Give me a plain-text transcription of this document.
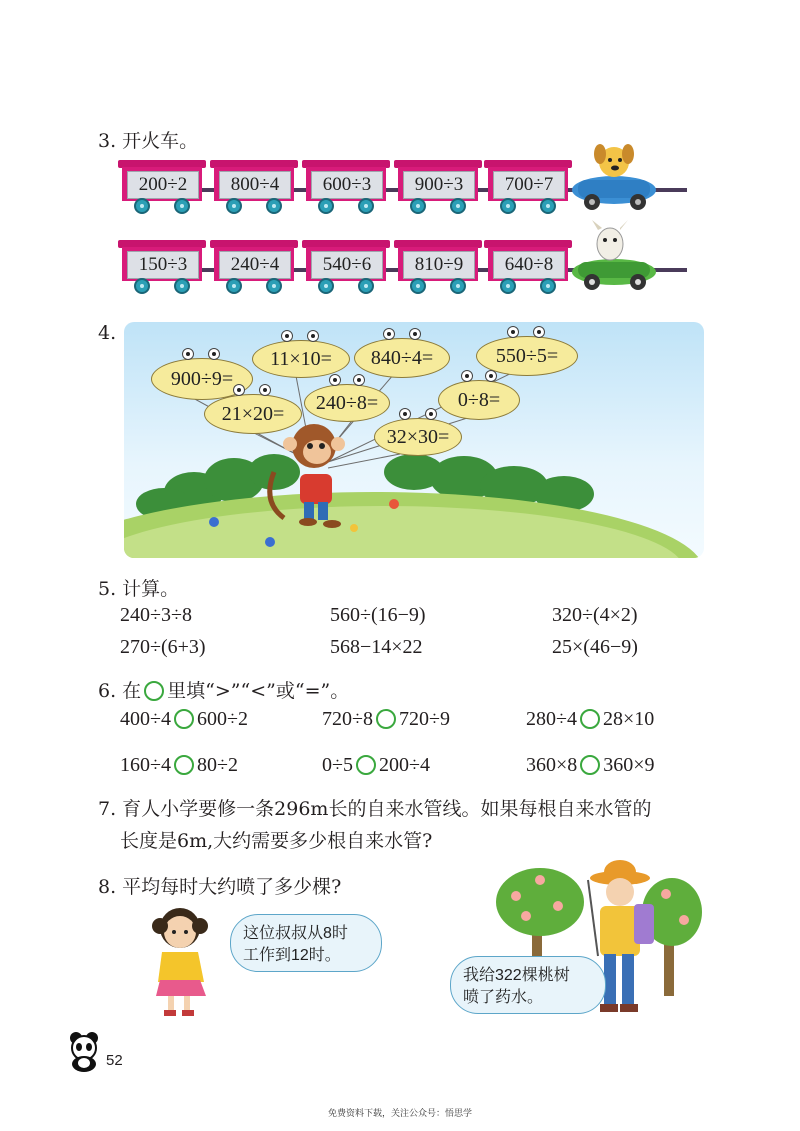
3. 开火车。
200÷2	800÷4	600÷3	900÷3	700÷7
150÷3	240÷4	540÷6	810÷9	640÷8
4.
900÷9=
11×10= 840÷4=	550÷5=
21×20= 240÷8=	0÷8=
32×30=
5. 计算。
240÷3÷8	560÷(16−9)	320÷(4×2)
270÷(6+3)	568−14×22	25×(46−9)
6. 在 里填“>”“<”或“=”。
400÷4 600÷2	720÷8 720÷9	280÷4 28×10
160÷4 80÷2	0÷5 200÷4	360×8 360×9
7. 育人小学要修一条296m长的自来水管线。如果每根自来水管的
长度是6m,大约需要多少根自来水管?
8. 平均每时大约喷了多少棵?
这位叔叔从8时
工作到12时。
我给322棵桃树
喷了药水。
52
免费资料下载，关注公众号：悟思学
